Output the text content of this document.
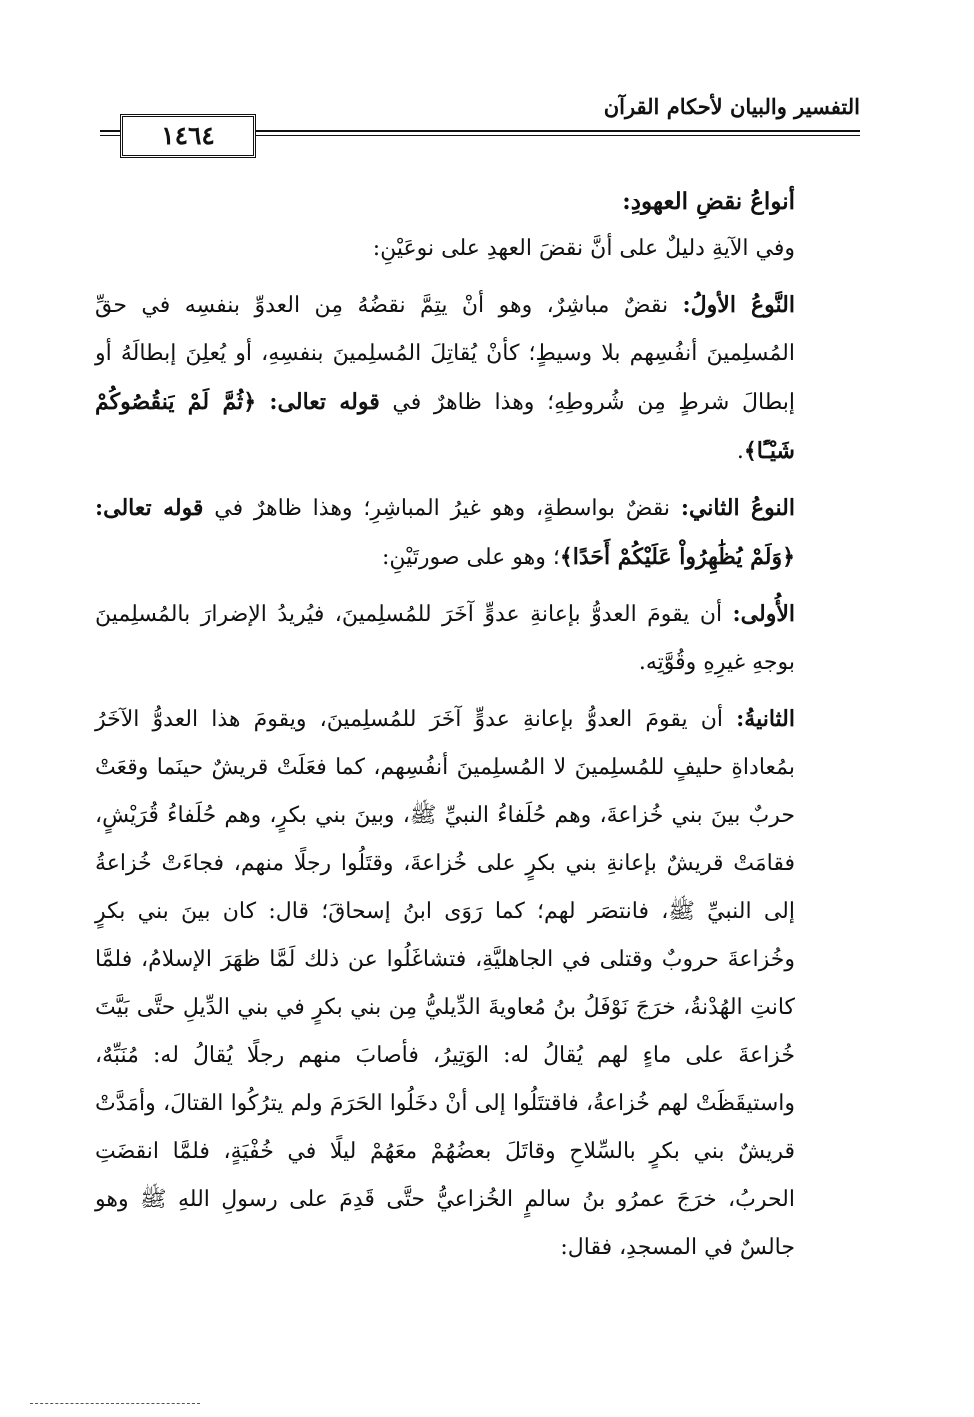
التفسير والبيان لأحكام القرآن
١٤٦٤

أنواعُ نقضِ العهودِ:

وفي الآيةِ دليلٌ على أنَّ نقضَ العهدِ على نوعَيْنِ:

النَّوعُ الأولُ: نقضٌ مباشِرٌ، وهو أنْ يتِمَّ نقضُهُ مِن العدوِّ بنفسِه في حقِّ المُسلِمينَ أنفُسِهم بلا وسيطٍ؛ كأنْ يُقاتِلَ المُسلِمينَ بنفسِهِ، أو يُعلِنَ إبطالَهُ أو إبطالَ شرطٍ مِن شُروطِهِ؛ وهذا ظاهرٌ في قوله تعالى: ﴿ثُمَّ لَمْ يَنقُصُوكُمْ شَيْـًٔا﴾.

النوعُ الثاني: نقضٌ بواسطةٍ، وهو غيرُ المباشِرِ؛ وهذا ظاهرٌ في قوله تعالى: ﴿وَلَمْ يُظَٰهِرُواْ عَلَيْكُمْ أَحَدًا﴾؛ وهو على صورتَيْنِ:

الأُولى: أن يقومَ العدوُّ بإعانةِ عدوٍّ آخَرَ للمُسلِمينَ، فيُريدُ الإضرارَ بالمُسلِمينَ بوجهِ غيرِهِ وقُوَّتِه.

الثانيةُ: أن يقومَ العدوُّ بإعانةِ عدوٍّ آخَرَ للمُسلِمينَ، ويقومَ هذا العدوُّ الآخَرُ بمُعاداةِ حليفٍ للمُسلِمينَ لا المُسلِمينَ أنفُسِهم، كما فعَلَتْ قريشٌ حينَما وقعَتْ حربٌ بينَ بني خُزاعةَ، وهم حُلَفاءُ النبيِّ ﷺ، وبينَ بني بكرٍ، وهم حُلَفاءُ قُرَيْشٍ، فقامَتْ قريشٌ بإعانةِ بني بكرٍ على خُزاعةَ، وقتَلُوا رجلًا منهم، فجاءَتْ خُزاعةُ إلى النبيِّ ﷺ، فانتصَر لهم؛ كما رَوَى ابنُ إسحاقَ؛ قال: كان بينَ بني بكرٍ وخُزاعةَ حروبٌ وقتلى في الجاهليَّةِ، فتشاغَلُوا عن ذلك لَمَّا ظهَرَ الإسلامُ، فلمَّا كانتِ الهُدْنةُ، خرَجَ نَوْفَلُ بنُ مُعاويةَ الدِّيليُّ مِن بني بكرٍ في بني الدِّيلِ حتَّى بَيَّتَ خُزاعةَ على ماءٍ لهم يُقالُ له: الوَتِيرُ، فأصابَ منهم رجلًا يُقالُ له: مُنَبِّهٌ، واستيقَظَتْ لهم خُزاعةُ، فاقتتَلُوا إلى أنْ دخَلُوا الحَرَمَ ولم يترُكُوا القتالَ، وأمَدَّتْ قريشٌ بني بكرٍ بالسِّلاحِ وقاتَلَ بعضُهُمْ معَهُمْ ليلًا في خُفْيَةٍ، فلمَّا انقضَتِ الحربُ، خرَجَ عمرُو بنُ سالمٍ الخُزاعيُّ حتَّى قَدِمَ على رسولِ اللهِ ﷺ وهو جالسٌ في المسجدِ، فقال:
